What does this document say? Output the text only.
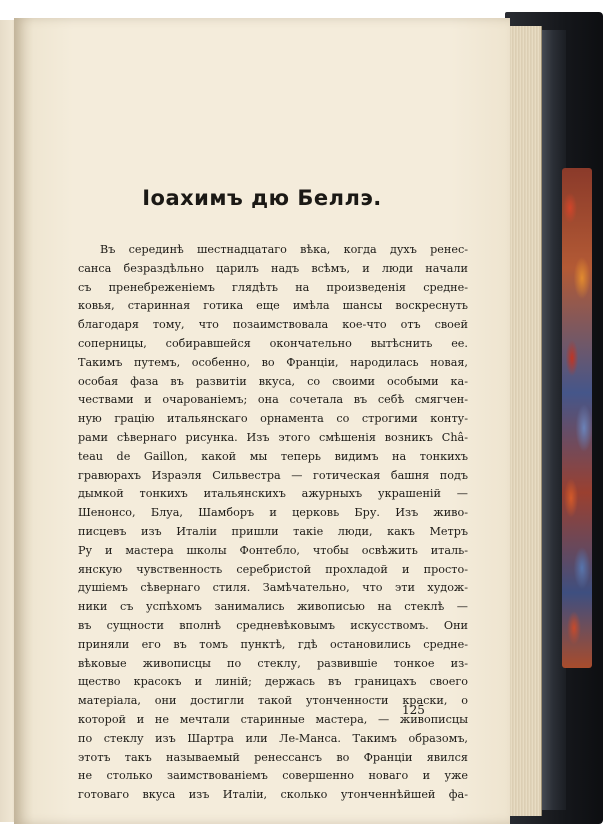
Іоахимъ дю Беллэ.
Въ серединѣ шестнадцатаго вѣка, когда духъ ренес-
санса безраздѣльно царилъ надъ всѣмъ, и люди начали
съ пренебреженіемъ глядѣть на произведенія средне-
ковья, старинная готика еще имѣла шансы воскреснуть
благодаря тому, что позаимствовала кое-что отъ своей
соперницы, собиравшейся окончательно вытѣснить ее.
Такимъ путемъ, особенно, во Франціи, народилась новая,
особая фаза въ развитіи вкуса, со своими особыми ка-
чествами и очарованіемъ; она сочетала въ себѣ смягчен-
ную грацію итальянскаго орнамента со строгими конту-
рами сѣвернаго рисунка. Изъ этого смѣшенія возникъ Châ-
teau de Gaillon, какой мы теперь видимъ на тонкихъ
гравюрахъ Израэля Сильвестра — готическая башня подъ
дымкой тонкихъ итальянскихъ ажурныхъ украшеній —
Шенонсо, Блуа, Шамборъ и церковь Бру. Изъ живо-
писцевъ изъ Италіи пришли такіе люди, какъ Метръ
Ру и мастера школы Фонтебло, чтобы освѣжить италь-
янскую чувственность серебристой прохладой и просто-
душіемъ сѣвернаго стиля. Замѣчательно, что эти худож-
ники съ успѣхомъ занимались живописью на стеклѣ —
въ сущности вполнѣ средневѣковымъ искусствомъ. Они
приняли его въ томъ пунктѣ, гдѣ остановились средне-
вѣковые живописцы по стеклу, развившіе тонкое из-
щество красокъ и линій; держась въ границахъ своего
матеріала, они достигли такой утонченности краски, о
которой и не мечтали старинные мастера, — живописцы
по стеклу изъ Шартра или Ле-Манса. Такимъ образомъ,
этотъ такъ называемый ренессансъ во Франціи явился
не столько заимствованіемъ совершенно новаго и уже
готоваго вкуса изъ Италіи, сколько утонченнѣйшей фа-
125
